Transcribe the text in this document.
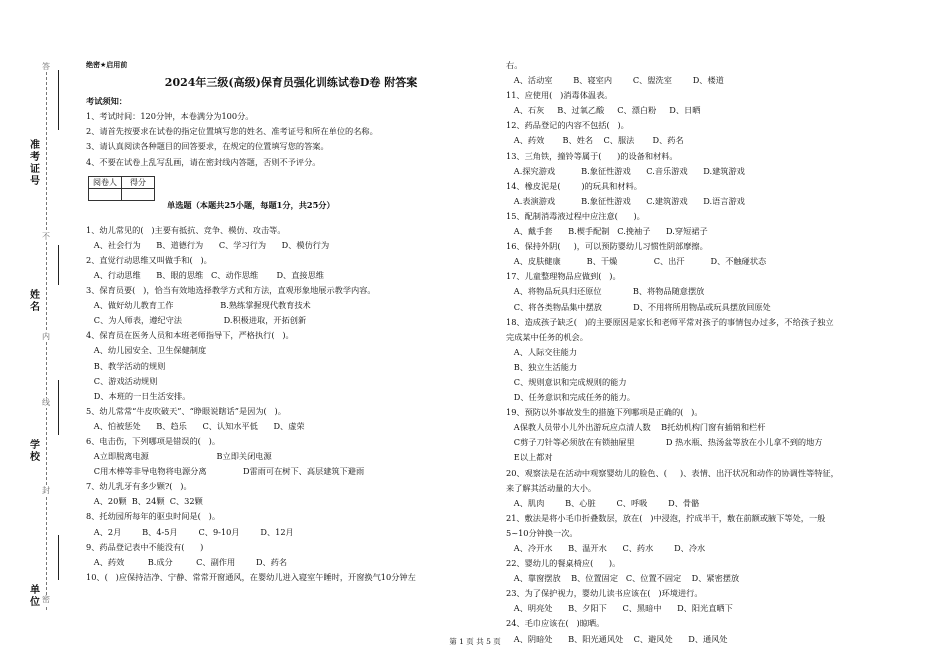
答
不
内
线
封
密
准考证号
姓名
学校
单位
绝密★启用前
2024年三级(高级)保育员强化训练试卷D卷 附答案
考试须知：
1、考试时间：120分钟，本卷满分为100分。
2、请首先按要求在试卷的指定位置填写您的姓名、准考证号和所在单位的名称。
3、请认真阅读各种题目的回答要求，在规定的位置填写您的答案。
4、不要在试卷上乱写乱画，请在密封线内答题，否则不予评分。
阅卷人	得分

单选题（本题共25小题，每题1分，共25分）
1、幼儿常见的(   )主要有抵抗、竞争、模仿、攻击等。
A、社会行为      B、道德行为      C、学习行为      D、模仿行为
2、直觉行动思维又叫做手和(   )。
A、行动思维      B、眼的思维   C、动作思维       D、直接思维
3、保育员要(   )，恰当有效地选择教学方式和方法，直观形象地展示教学内容。
A、做好幼儿教育工作                  B.熟练掌握现代教育技术
C、为人师表，遵纪守法                D.积极进取，开拓创新
4、保育员在医务人员和本班老师指导下，严格执行(   )。
A、幼儿园安全、卫生保健制度
B、教学活动的规则
C、游戏活动规则
D、本班的一日生活安排。
5、幼儿常常“牛皮吹破天”、“睁眼说瞎话”是因为(   )。
A、怕被惩处      B、趋乐      C、认知水平低      D、虚荣
6、电击伤，下列哪项是错误的(   )。
A立即脱离电源                          B立即关闭电源
C用木棒等非导电物将电源分离              D雷雨可在树下、高层建筑下避雨
7、幼儿乳牙有多少颗?(   )。
A、20颗  B、24颗  C、32颗
8、托幼园所每年的驱虫时间是(   )。
A、2月        B、4-5月        C、9-10月        D、12月
9、药品登记表中不能没有(      )
A、药效         B.成分         C、副作用        D、药名
10、(   )应保持洁净、宁静、常常开窗通风，在婴幼儿进入寝室午睡时，开窗换气10分钟左
右。
A、活动室        B、寝室内        C、盥洗室        D、楼道
11、应使用(   )消毒体温表。
A、石灰     B、过氧乙酸     C、漂白粉     D、日晒
12、药品登记的内容不包括(   )。
A、药效       B、姓名    C、服法       D、药名
13、三角铁，撞铃等属于(      )的设备和材料。
A.探究游戏          B.象征性游戏      C.音乐游戏      D.建筑游戏
14、橡皮泥是(        )的玩具和材料。
A.表演游戏          B.象征性游戏      C.建筑游戏      D.语言游戏
15、配制消毒液过程中应注意(      )。
A、戴手套      B.楔手配制   C.挽袖子      D.穿短裙子
16、保持外阴(     )，可以预防婴幼儿习惯性阴部摩擦。
A、皮肤健康          B、干燥              C、出汗          D、不触碰状态
17、儿童整理物品应做到(   )。
A、将物品玩具归还原位            B、将物品随意摆放
C、将各类物品集中摆放            D、不用将所用物品或玩具摆放回原处
18、造成孩子缺乏(   )的主要原因是家长和老师平常对孩子的事情包办过多，不给孩子独立
完成某中任务的机会。
A、人际交往能力
B、独立生活能力
C、规则意识和完成规则的能力
D、任务意识和完成任务的能力。
19、预防以外事故发生的措施下列哪项是正确的(   )。
A保教人员带小儿外出游玩应点清人数    B托幼机构门窗有插销和栏杆
C剪子刀针等必须放在有锁抽屉里            D 热水瓶、热汤盆等放在小儿拿不到的地方
E以上都对
20、观察法是在活动中观察婴幼儿的脸色、(     )、表情、出汗状况和动作的协调性等特征，
来了解其活动量的大小。
A、肌肉        B、心脏        C、呼吸        D、骨骼
21、敷法是将小毛巾折叠数层，放在(   )中浸泡，拧成半干，敷在前额或腋下等处，一般
5~10分钟换一次。
A、冷开水      B、温开水      C、药水        D、冷水
22、婴幼儿的餐桌椅应(      )。
A、靠窗摆放    B、位置固定   C、位置不固定    D、紧密摆放
23、为了保护视力，婴幼儿读书应该在(   )环境进行。
A、明亮处      B、夕阳下      C、黑暗中      D、阳光直晒下
24、毛巾应该在(   )晾晒。
A、阴暗处      B、阳光通风处    C、避风处      D、通风处
第 1 页 共 5 页
